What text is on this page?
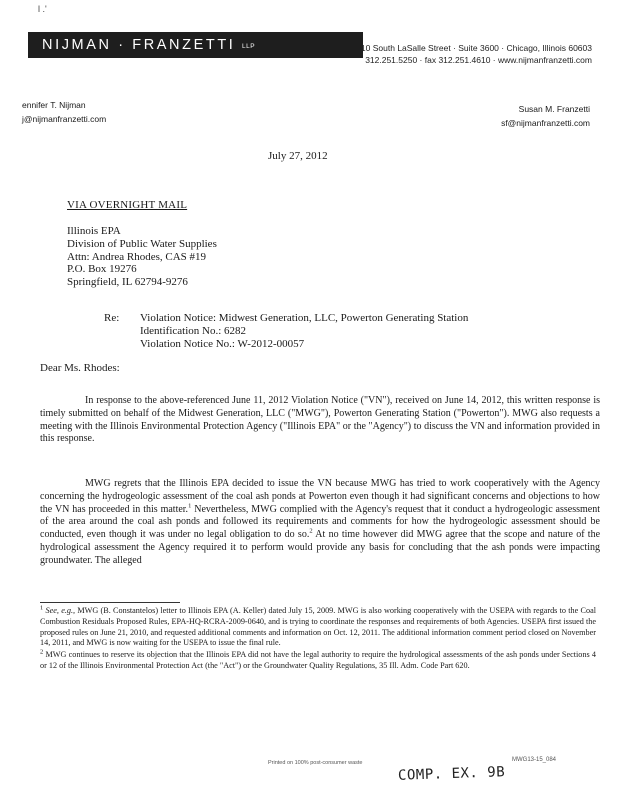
l .'
NIJMAN · FRANZETTI LLP	10 South LaSalle Street · Suite 3600 · Chicago, Illinois 60603
312.251.5250 · fax 312.251.4610 · www.nijmanfranzetti.com
ennifer T. Nijman
j@nijmanfranzetti.com
Susan M. Franzetti
sf@nijmanfranzetti.com
July 27, 2012
VIA OVERNIGHT MAIL
Illinois EPA
Division of Public Water Supplies
Attn: Andrea Rhodes, CAS #19
P.O. Box 19276
Springfield, IL 62794-9276
Re: Violation Notice: Midwest Generation, LLC, Powerton Generating Station
Identification No.: 6282
Violation Notice No.: W-2012-00057
Dear Ms. Rhodes:

In response to the above-referenced June 11, 2012 Violation Notice ("VN"), received on June 14, 2012, this written response is timely submitted on behalf of the Midwest Generation, LLC ("MWG"), Powerton Generating Station ("Powerton"). MWG also requests a meeting with the Illinois Environmental Protection Agency ("Illinois EPA" or the "Agency") to discuss the VN and information provided in this response.

MWG regrets that the Illinois EPA decided to issue the VN because MWG has tried to work cooperatively with the Agency concerning the hydrogeologic assessment of the coal ash ponds at Powerton even though it had significant concerns and objections to how the VN has proceeded in this matter.$^1$ Nevertheless, MWG complied with the Agency's request that it conduct a hydrogeologic assessment of the area around the coal ash ponds and followed its requirements and comments for how the hydrogeologic assessment should be conducted, even though it was under no legal obligation to do so.$^2$ At no time however did MWG agree that the scope and nature of the hydrological assessment the Agency required it to perform would provide any basis for concluding that the ash ponds were impacting groundwater. The alleged

$^1$ See, e.g., MWG (B. Constantelos) letter to Illinois EPA (A. Keller) dated July 15, 2009. MWG is also working cooperatively with the USEPA with regards to the Coal Combustion Residuals Proposed Rules, EPA-HQ-RCRA-2009-0640, and is trying to coordinate the responses and requirements of both Agencies. USEPA first issued the proposed rules on June 21, 2010, and requested additional comments and information on Oct. 12, 2011. The additional information comment period closed on November 14, 2011, and MWG is now waiting for the USEPA to issue the final rule.

$^2$ MWG continues to reserve its objection that the Illinois EPA did not have the legal authority to require the hydrological assessments of the ash ponds under Sections 4 or 12 of the Illinois Environmental Protection Act (the "Act") or the Groundwater Quality Regulations, 35 Ill. Adm. Code Part 620.

Printed on 100% post-consumer waste	MWG13-15_084
COMP. EX. 9B
